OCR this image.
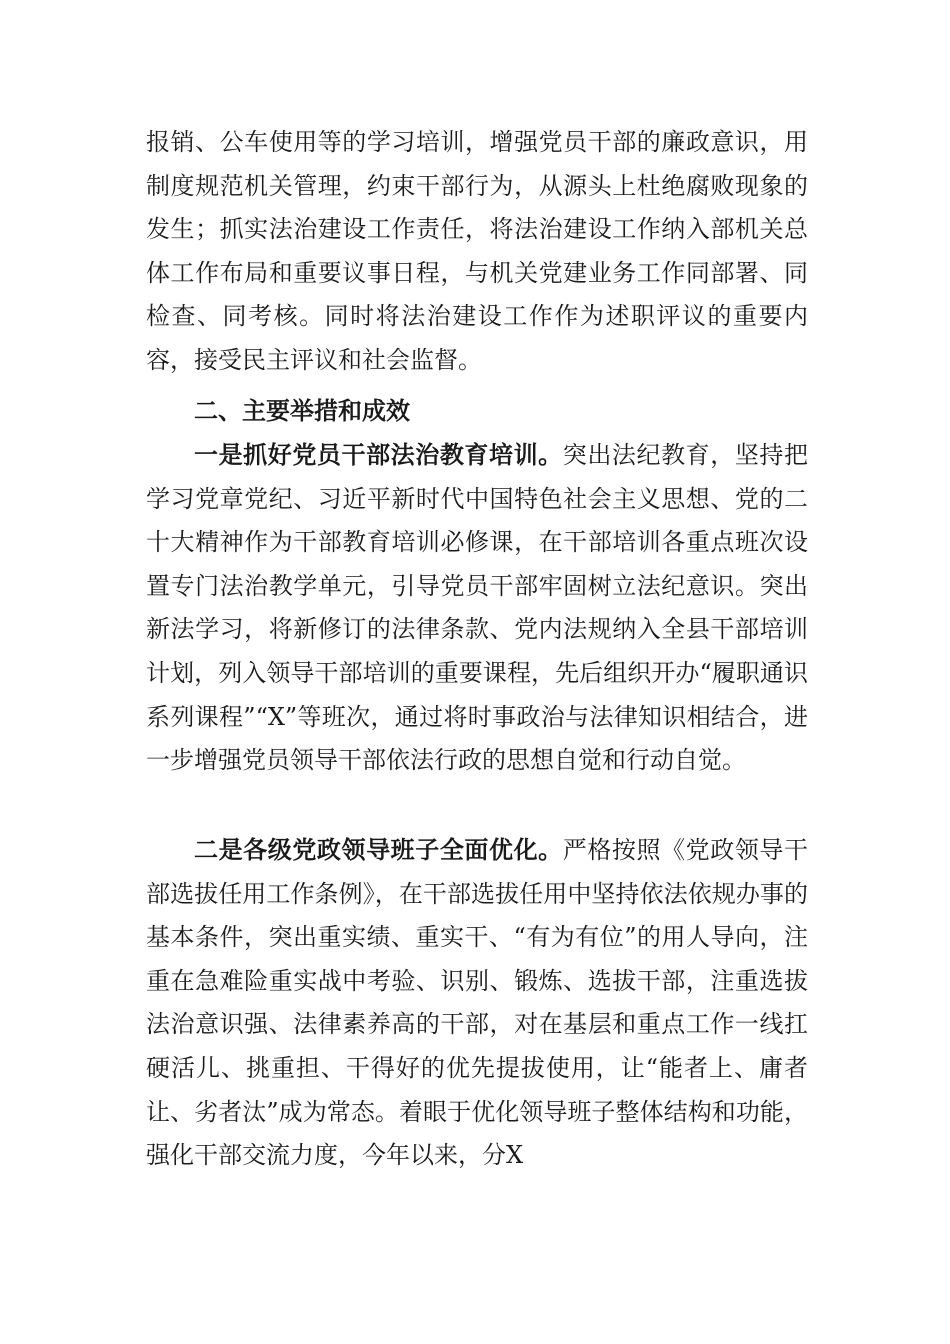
报销、公车使用等的学习培训，增强党员干部的廉政意识，用制度规范机关管理，约束干部行为，从源头上杜绝腐败现象的发生；抓实法治建设工作责任，将法治建设工作纳入部机关总体工作布局和重要议事日程，与机关党建业务工作同部署、同检查、同考核。同时将法治建设工作作为述职评议的重要内容，接受民主评议和社会监督。

二、主要举措和成效

一是抓好党员干部法治教育培训。突出法纪教育，坚持把学习党章党纪、习近平新时代中国特色社会主义思想、党的二十大精神作为干部教育培训必修课，在干部培训各重点班次设置专门法治教学单元，引导党员干部牢固树立法纪意识。突出新法学习，将新修订的法律条款、党内法规纳入全县干部培训计划，列入领导干部培训的重要课程，先后组织开办“履职通识系列课程”“X”等班次，通过将时事政治与法律知识相结合，进一步增强党员领导干部依法行政的思想自觉和行动自觉。

二是各级党政领导班子全面优化。严格按照《党政领导干部选拔任用工作条例》，在干部选拔任用中坚持依法依规办事的基本条件，突出重实绩、重实干、“有为有位”的用人导向，注重在急难险重实战中考验、识别、锻炼、选拔干部，注重选拔法治意识强、法律素养高的干部，对在基层和重点工作一线扛硬活儿、挑重担、干得好的优先提拔使用，让“能者上、庸者让、劣者汰”成为常态。着眼于优化领导班子整体结构和功能，强化干部交流力度，今年以来，分X
